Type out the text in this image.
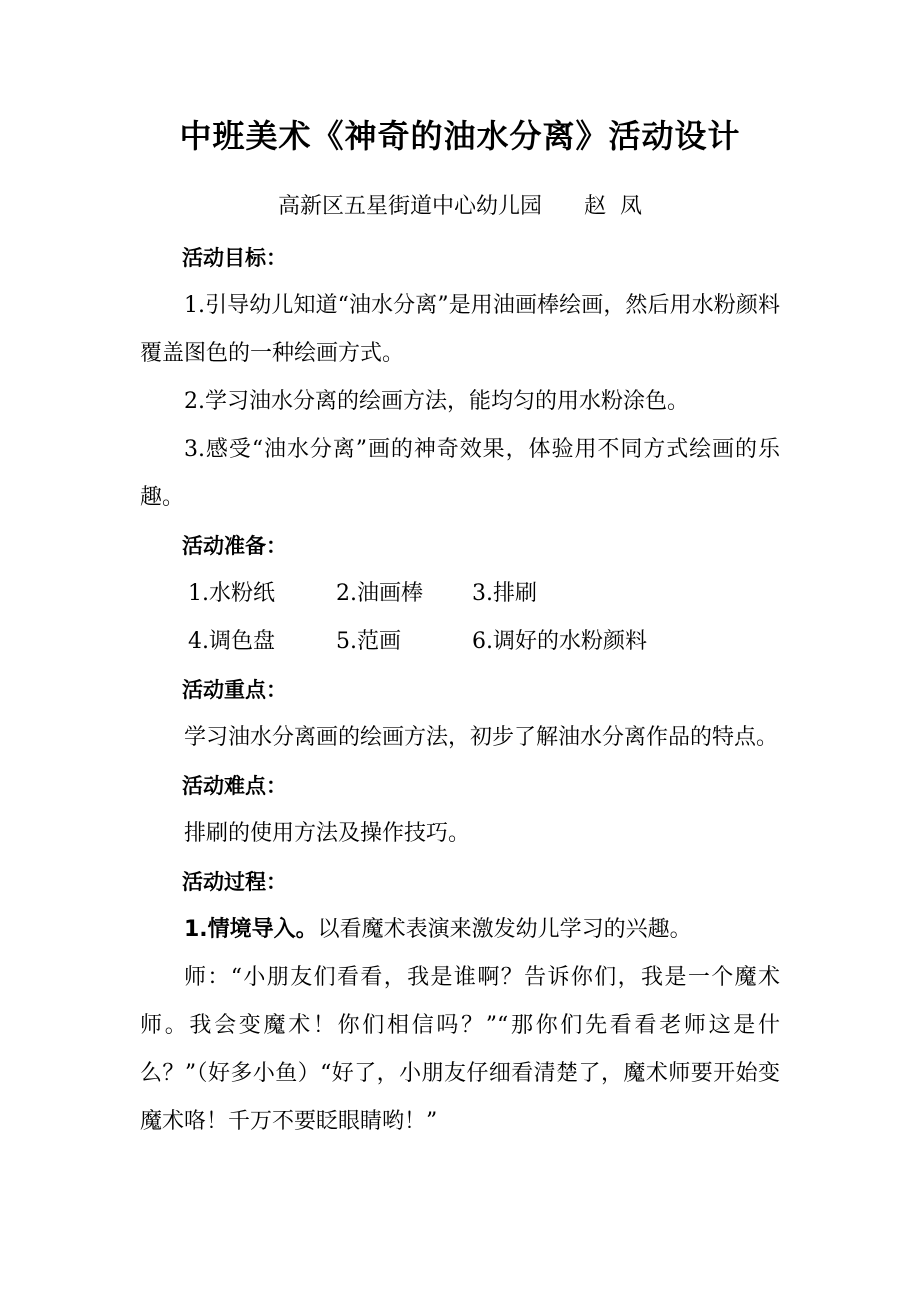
中班美术《神奇的油水分离》活动设计
高新区五星街道中心幼儿园      赵  凤

活动目标：

1.引导幼儿知道“油水分离”是用油画棒绘画，然后用水粉颜料覆盖图色的一种绘画方式。

2.学习油水分离的绘画方法，能均匀的用水粉涂色。

3.感受“油水分离”画的神奇效果，体验用不同方式绘画的乐趣。

活动准备：

1.水粉纸	2.油画棒	3.排刷
4.调色盘	5.范画	6.调好的水粉颜料

活动重点：

学习油水分离画的绘画方法，初步了解油水分离作品的特点。

活动难点：

排刷的使用方法及操作技巧。

活动过程：

1.情境导入。以看魔术表演来激发幼儿学习的兴趣。

师：“小朋友们看看，我是谁啊？告诉你们，我是一个魔术师。我会变魔术！你们相信吗？”“那你们先看看老师这是什么？”（好多小鱼）“好了，小朋友仔细看清楚了，魔术师要开始变魔术咯！千万不要眨眼睛哟！”
